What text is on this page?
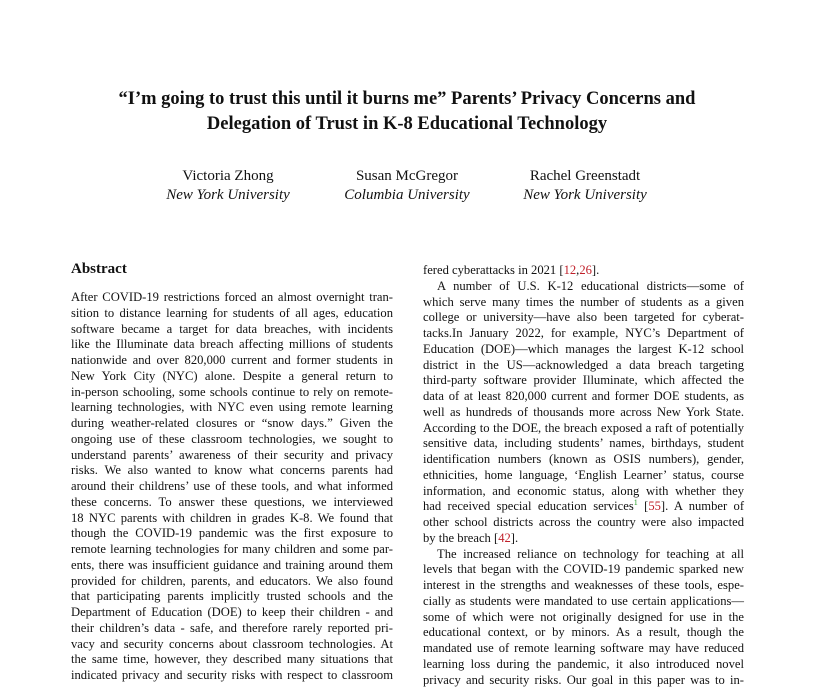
“I’m going to trust this until it burns me” Parents’ Privacy Concerns and
Delegation of Trust in K-8 Educational Technology
Victoria Zhong
New York University
Susan McGregor
Columbia University
Rachel Greenstadt
New York University
Abstract
After COVID-19 restrictions forced an almost overnight tran-
sition to distance learning for students of all ages, education
software became a target for data breaches, with incidents
like the Illuminate data breach affecting millions of students
nationwide and over 820,000 current and former students in
New York City (NYC) alone. Despite a general return to
in-person schooling, some schools continue to rely on remote-
learning technologies, with NYC even using remote learning
during weather-related closures or “snow days.” Given the
ongoing use of these classroom technologies, we sought to
understand parents’ awareness of their security and privacy
risks. We also wanted to know what concerns parents had
around their childrens’ use of these tools, and what informed
these concerns. To answer these questions, we interviewed
18 NYC parents with children in grades K-8. We found that
though the COVID-19 pandemic was the first exposure to
remote learning technologies for many children and some par-
ents, there was insufficient guidance and training around them
provided for children, parents, and educators. We also found
that participating parents implicitly trusted schools and the
Department of Education (DOE) to keep their children - and
their children’s data - safe, and therefore rarely reported pri-
vacy and security concerns about classroom technologies. At
the same time, however, they described many situations that
indicated privacy and security risks with respect to classroom
fered cyberattacks in 2021 [12,26].
A number of U.S. K-12 educational districts—some of
which serve many times the number of students as a given
college or university—have also been targeted for cyberat-
tacks.In January 2022, for example, NYC’s Department of
Education (DOE)—which manages the largest K-12 school
district in the US—acknowledged a data breach targeting
third-party software provider Illuminate, which affected the
data of at least 820,000 current and former DOE students, as
well as hundreds of thousands more across New York State.
According to the DOE, the breach exposed a raft of potentially
sensitive data, including students’ names, birthdays, student
identification numbers (known as OSIS numbers), gender,
ethnicities, home language, ‘English Learner’ status, course
information, and economic status, along with whether they
had received special education services$^1$ [55]. A number of
other school districts across the country were also impacted
by the breach [42].
The increased reliance on technology for teaching at all
levels that began with the COVID-19 pandemic sparked new
interest in the strengths and weaknesses of these tools, espe-
cially as students were mandated to use certain applications—
some of which were not originally designed for use in the
educational context, or by minors. As a result, though the
mandated use of remote learning software may have reduced
learning loss during the pandemic, it also introduced novel
privacy and security risks. Our goal in this paper was to in-
